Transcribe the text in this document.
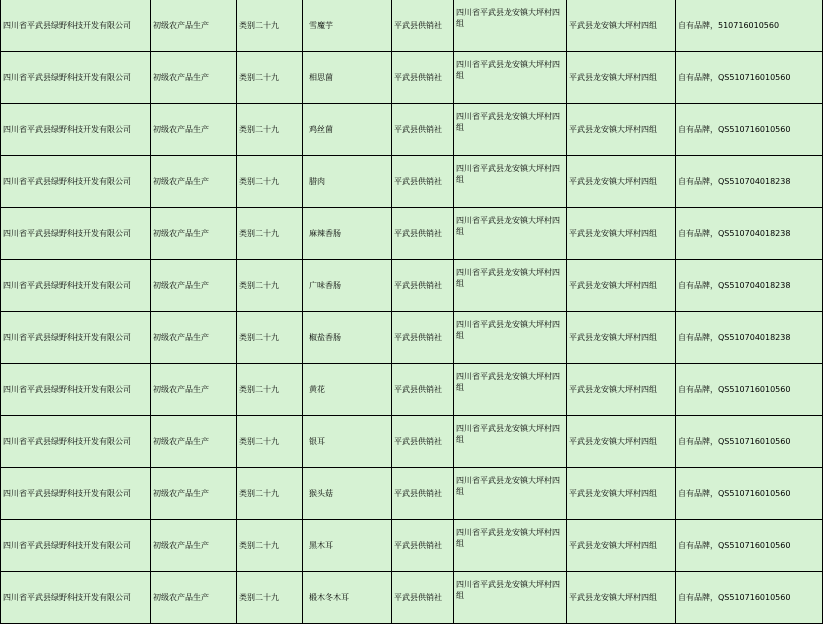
四川省平武县绿野科技开发有限公司	初级农产品生产	类别二十九	雪魔芋	平武县供销社	四川省平武县龙安镇大坪村四组	平武县龙安镇大坪村四组	自有品牌，510716010560
四川省平武县绿野科技开发有限公司	初级农产品生产	类别二十九	相思菌	平武县供销社	四川省平武县龙安镇大坪村四组	平武县龙安镇大坪村四组	自有品牌，QS510716010560
四川省平武县绿野科技开发有限公司	初级农产品生产	类别二十九	鸡丝菌	平武县供销社	四川省平武县龙安镇大坪村四组	平武县龙安镇大坪村四组	自有品牌，QS510716010560
四川省平武县绿野科技开发有限公司	初级农产品生产	类别二十九	腊肉	平武县供销社	四川省平武县龙安镇大坪村四组	平武县龙安镇大坪村四组	自有品牌，QS510704018238
四川省平武县绿野科技开发有限公司	初级农产品生产	类别二十九	麻辣香肠	平武县供销社	四川省平武县龙安镇大坪村四组	平武县龙安镇大坪村四组	自有品牌，QS510704018238
四川省平武县绿野科技开发有限公司	初级农产品生产	类别二十九	广味香肠	平武县供销社	四川省平武县龙安镇大坪村四组	平武县龙安镇大坪村四组	自有品牌，QS510704018238
四川省平武县绿野科技开发有限公司	初级农产品生产	类别二十九	椒盐香肠	平武县供销社	四川省平武县龙安镇大坪村四组	平武县龙安镇大坪村四组	自有品牌，QS510704018238
四川省平武县绿野科技开发有限公司	初级农产品生产	类别二十九	黄花	平武县供销社	四川省平武县龙安镇大坪村四组	平武县龙安镇大坪村四组	自有品牌，QS510716010560
四川省平武县绿野科技开发有限公司	初级农产品生产	类别二十九	银耳	平武县供销社	四川省平武县龙安镇大坪村四组	平武县龙安镇大坪村四组	自有品牌，QS510716010560
四川省平武县绿野科技开发有限公司	初级农产品生产	类别二十九	猴头菇	平武县供销社	四川省平武县龙安镇大坪村四组	平武县龙安镇大坪村四组	自有品牌，QS510716010560
四川省平武县绿野科技开发有限公司	初级农产品生产	类别二十九	黑木耳	平武县供销社	四川省平武县龙安镇大坪村四组	平武县龙安镇大坪村四组	自有品牌，QS510716010560
四川省平武县绿野科技开发有限公司	初级农产品生产	类别二十九	椴木冬木耳	平武县供销社	四川省平武县龙安镇大坪村四组	平武县龙安镇大坪村四组	自有品牌，QS510716010560
